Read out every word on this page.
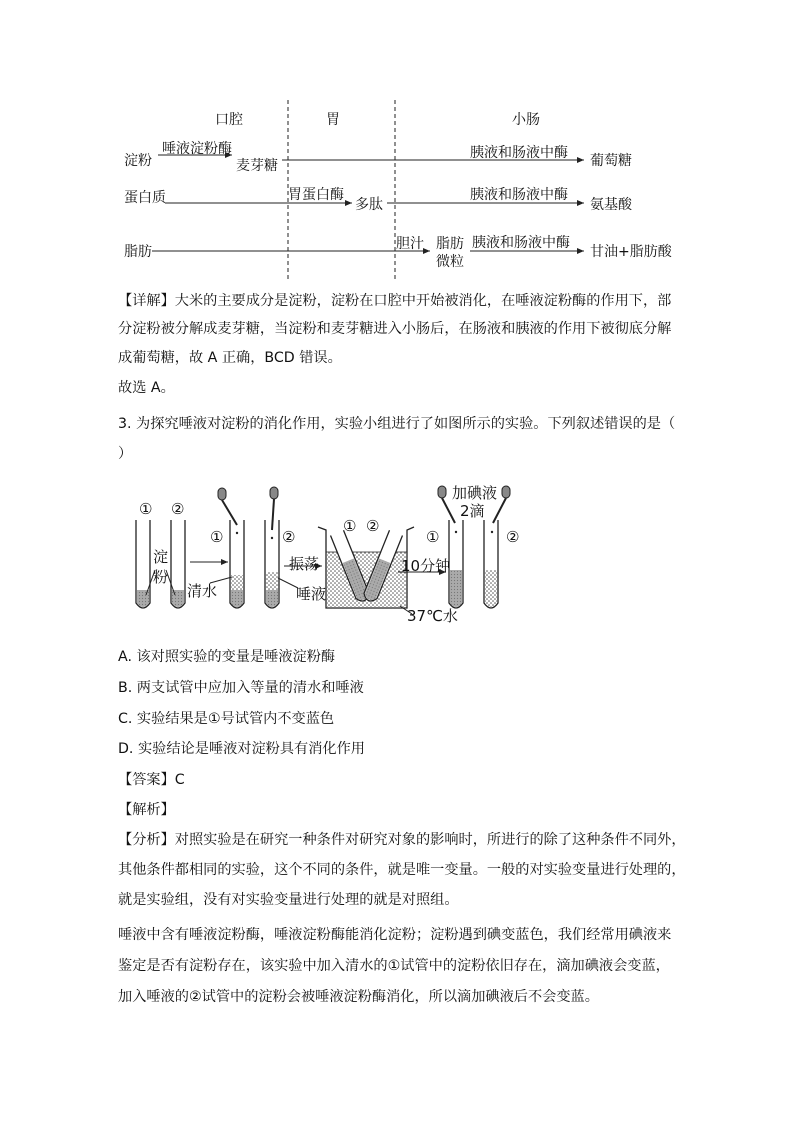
口腔	胃	小肠
淀粉
唾液淀粉酶
麦芽糖
胰液和肠液中酶 葡萄糖
蛋白质	胃蛋白酶
多肽
胰液和肠液中酶
氨基酸
脂肪	胆汁 脂肪
微粒
胰液和肠液中酶
甘油+脂肪酸
【详解】大米的主要成分是淀粉，淀粉在口腔中开始被消化，在唾液淀粉酶的作用下，部
分淀粉被分解成麦芽糖，当淀粉和麦芽糖进入小肠后，在肠液和胰液的作用下被彻底分解
成葡萄糖，故 A 正确，BCD 错误。
故选 A。
3. 为探究唾液对淀粉的消化作用，实验小组进行了如图所示的实验。下列叙述错误的是（
）
① ②
淀
粉
清水
①	②
振荡
唾液
① ②
10分钟
37℃水
加碘液
2滴
①	②
A. 该对照实验的变量是唾液淀粉酶
B. 两支试管中应加入等量的清水和唾液
C. 实验结果是①号试管内不变蓝色
D. 实验结论是唾液对淀粉具有消化作用
【答案】C
【解析】
【分析】对照实验是在研究一种条件对研究对象的影响时，所进行的除了这种条件不同外，
其他条件都相同的实验，这个不同的条件，就是唯一变量。一般的对实验变量进行处理的，
就是实验组，没有对实验变量进行处理的就是对照组。
唾液中含有唾液淀粉酶，唾液淀粉酶能消化淀粉；淀粉遇到碘变蓝色，我们经常用碘液来
鉴定是否有淀粉存在，该实验中加入清水的①试管中的淀粉依旧存在，滴加碘液会变蓝，
加入唾液的②试管中的淀粉会被唾液淀粉酶消化，所以滴加碘液后不会变蓝。
